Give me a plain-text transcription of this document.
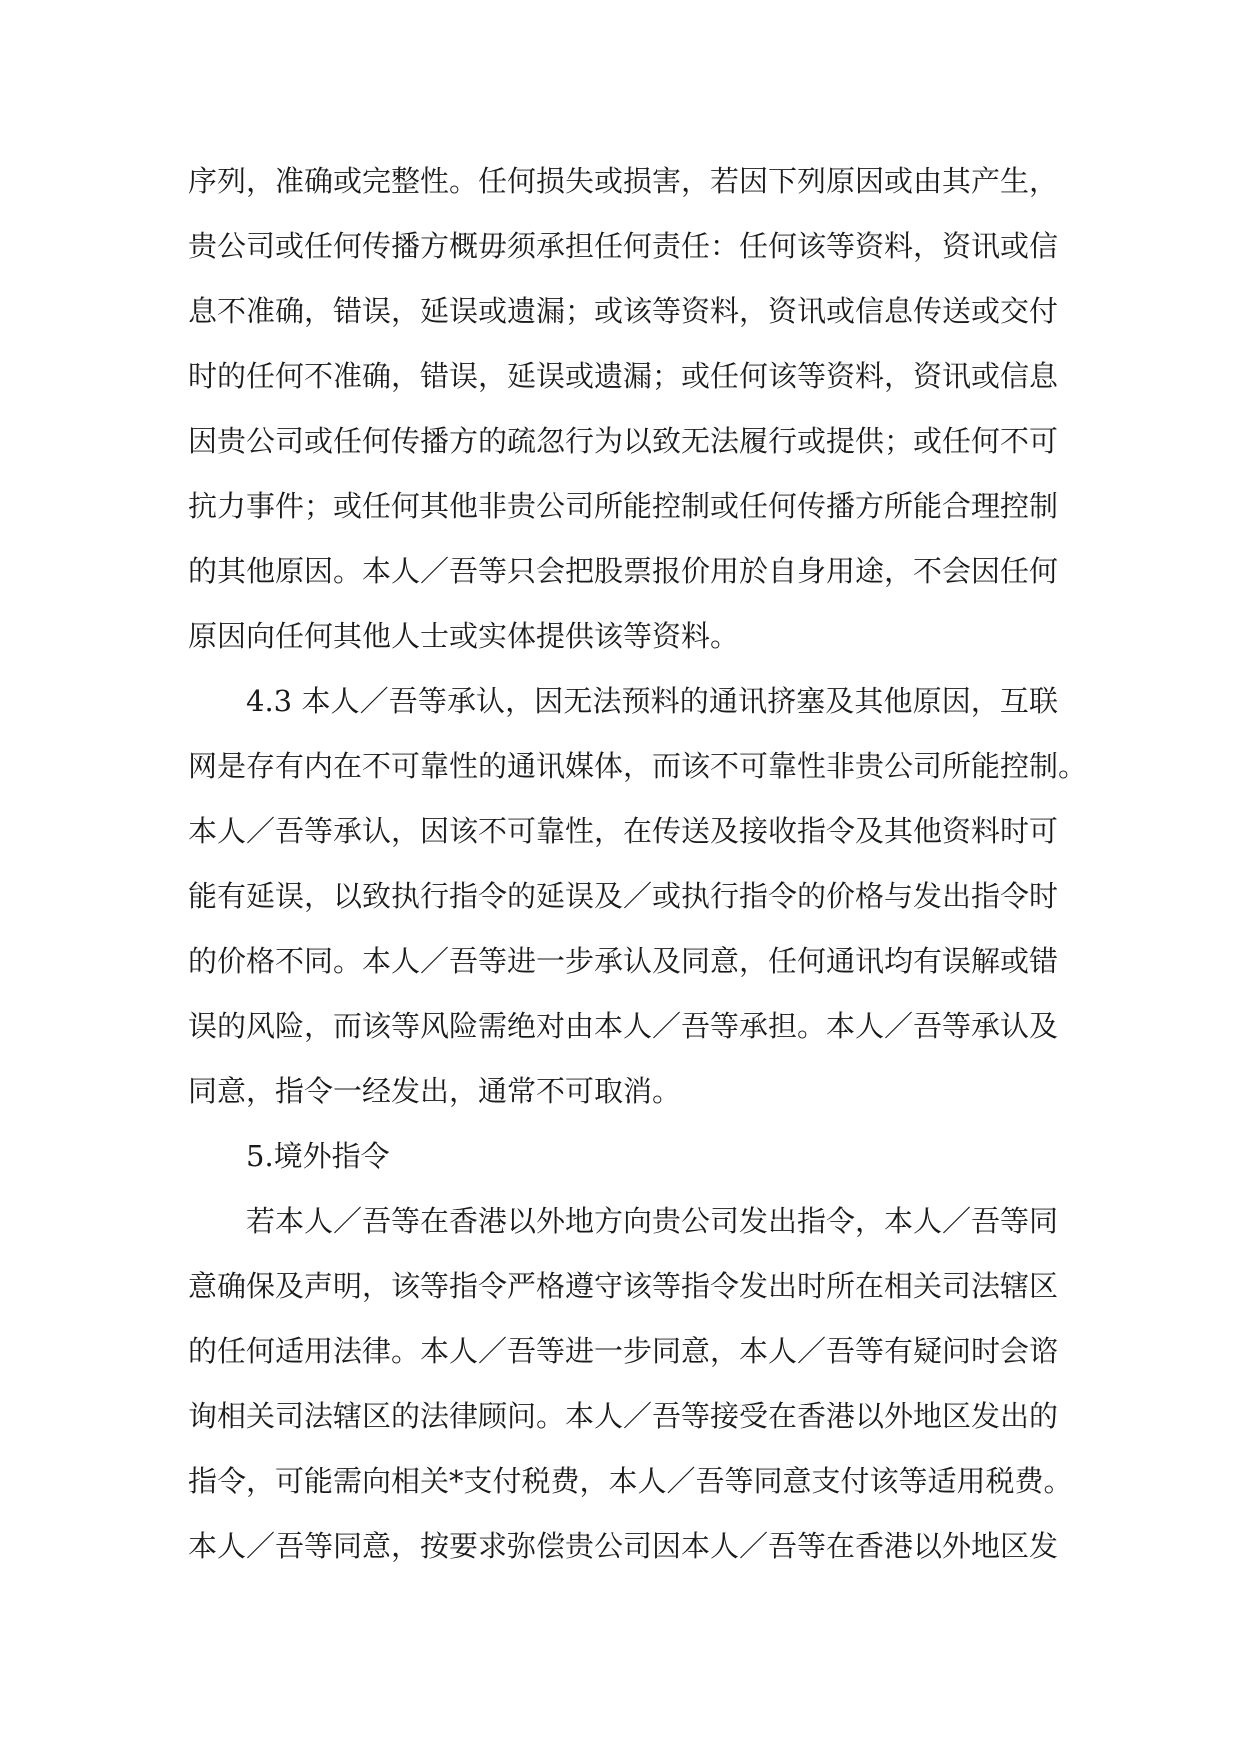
序列，准确或完整性。任何损失或损害，若因下列原因或由其产生，
贵公司或任何传播方概毋须承担任何责任：任何该等资料，资讯或信
息不准确，错误，延误或遗漏；或该等资料，资讯或信息传送或交付
时的任何不准确，错误，延误或遗漏；或任何该等资料，资讯或信息
因贵公司或任何传播方的疏忽行为以致无法履行或提供；或任何不可
抗力事件；或任何其他非贵公司所能控制或任何传播方所能合理控制
的其他原因。本人／吾等只会把股票报价用於自身用途，不会因任何
原因向任何其他人士或实体提供该等资料。
4.3 本人／吾等承认，因无法预料的通讯挤塞及其他原因，互联
网是存有内在不可靠性的通讯媒体，而该不可靠性非贵公司所能控制。
本人／吾等承认，因该不可靠性，在传送及接收指令及其他资料时可
能有延误，以致执行指令的延误及／或执行指令的价格与发出指令时
的价格不同。本人／吾等进一步承认及同意，任何通讯均有误解或错
误的风险，而该等风险需绝对由本人／吾等承担。本人／吾等承认及
同意，指令一经发出，通常不可取消。
5.境外指令
若本人／吾等在香港以外地方向贵公司发出指令，本人／吾等同
意确保及声明，该等指令严格遵守该等指令发出时所在相关司法辖区
的任何适用法律。本人／吾等进一步同意，本人／吾等有疑问时会谘
询相关司法辖区的法律顾问。本人／吾等接受在香港以外地区发出的
指令，可能需向相关*支付税费，本人／吾等同意支付该等适用税费。
本人／吾等同意，按要求弥偿贵公司因本人／吾等在香港以外地区发
